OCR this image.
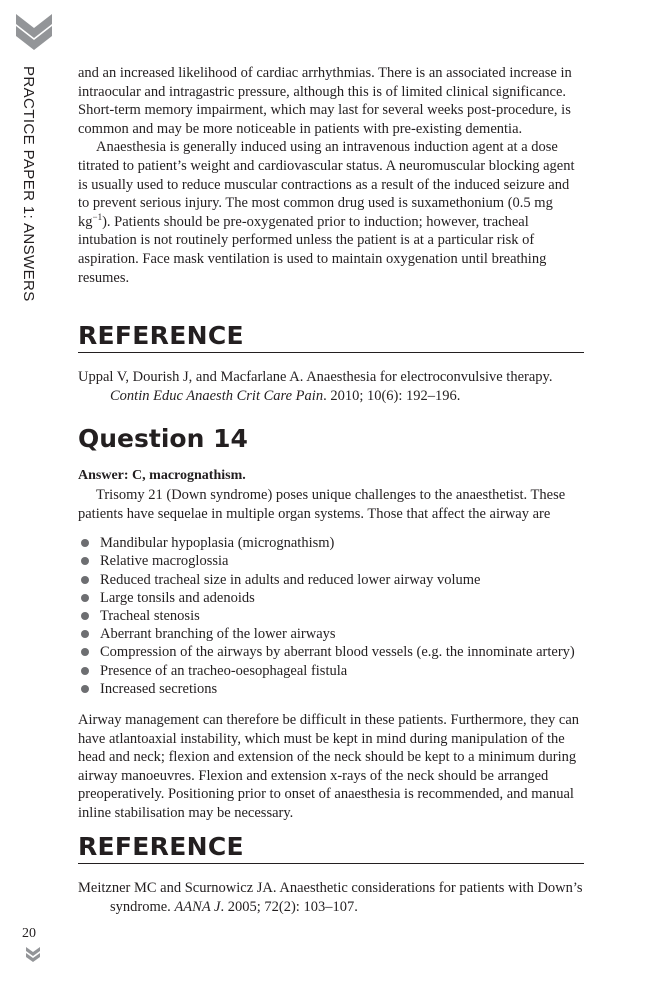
PRACTICE PAPER 1: ANSWERS
20

and an increased likelihood of cardiac arrhythmias. There is an associated increase in intraocular and intragastric pressure, although this is of limited clinical significance. Short-term memory impairment, which may last for several weeks post-procedure, is common and may be more noticeable in patients with pre-existing dementia.

Anaesthesia is generally induced using an intravenous induction agent at a dose titrated to patient’s weight and cardiovascular status. A neuromuscular blocking agent is usually used to reduce muscular contractions as a result of the induced seizure and to prevent serious injury. The most common drug used is suxamethonium (0.5 mg $kg^{-1}$). Patients should be pre-oxygenated prior to induction; however, tracheal intubation is not routinely performed unless the patient is at a particular risk of aspiration. Face mask ventilation is used to maintain oxygenation until breathing resumes.

REFERENCE

Uppal V, Dourish J, and Macfarlane A. Anaesthesia for electroconvulsive therapy. Contin Educ Anaesth Crit Care Pain. 2010; 10(6): 192–196.

Question 14
Answer: C, macrognathism.

Trisomy 21 (Down syndrome) poses unique challenges to the anaesthetist. These patients have sequelae in multiple organ systems. Those that affect the airway are

Mandibular hypoplasia (micrognathism)
Relative macroglossia
Reduced tracheal size in adults and reduced lower airway volume
Large tonsils and adenoids
Tracheal stenosis
Aberrant branching of the lower airways
Compression of the airways by aberrant blood vessels (e.g. the innominate artery)
Presence of an tracheo-oesophageal fistula
Increased secretions

Airway management can therefore be difficult in these patients. Furthermore, they can have atlantoaxial instability, which must be kept in mind during manipulation of the head and neck; flexion and extension of the neck should be kept to a minimum during airway manoeuvres. Flexion and extension x-rays of the neck should be arranged preoperatively. Positioning prior to onset of anaesthesia is recommended, and manual inline stabilisation may be necessary.

REFERENCE

Meitzner MC and Scurnowicz JA. Anaesthetic considerations for patients with Down’s syndrome. AANA J. 2005; 72(2): 103–107.
